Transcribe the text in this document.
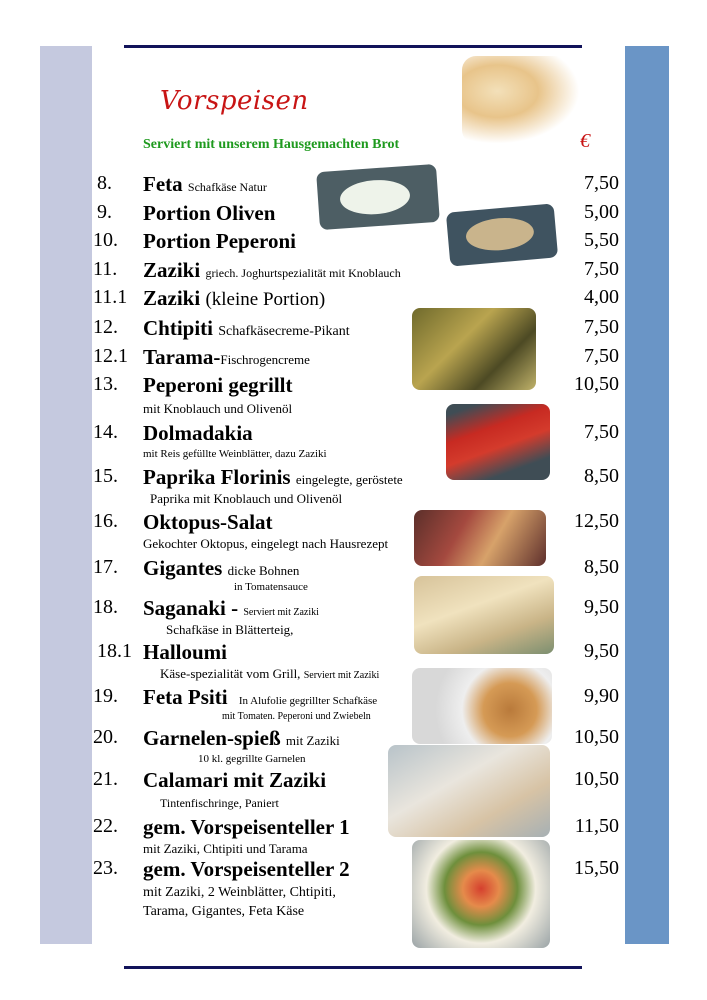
Vorspeisen
Serviert mit unserem Hausgemachten Brot	€
8. Feta Schafkäse Natur	7,50
9. Portion Oliven	5,00
10. Portion Peperoni	5,50
11. Zaziki griech. Joghurtspezialität mit Knoblauch	7,50
11.1 Zaziki (kleine Portion)	4,00
12. Chtipiti Schafkäsecreme-Pikant	7,50
12.1 Tarama-Fischrogencreme	7,50
13. Peperoni gegrillt	10,50
mit Knoblauch und Olivenöl
14. Dolmadakia	7,50
mit Reis gefüllte Weinblätter, dazu Zaziki
15. Paprika Florinis eingelegte, geröstete	8,50
Paprika mit Knoblauch und Olivenöl
16. Oktopus-Salat	12,50
Gekochter Oktopus, eingelegt nach Hausrezept
17. Gigantes dicke Bohnen	8,50
in Tomatensauce
18. Saganaki - Serviert mit Zaziki	9,50
Schafkäse in Blätterteig,
18.1 Halloumi	9,50
Käse-spezialität vom Grill, Serviert mit Zaziki
19. Feta Psiti In Alufolie gegrillter Schafkäse	9,90
mit Tomaten. Peperoni und Zwiebeln
20. Garnelen-spieß mit Zaziki	10,50
10 kl. gegrillte Garnelen
21. Calamari mit Zaziki	10,50
Tintenfischringe, Paniert
22. gem. Vorspeisenteller 1	11,50
mit Zaziki, Chtipiti und Tarama
23. gem. Vorspeisenteller 2	15,50
mit Zaziki, 2 Weinblätter, Chtipiti,
Tarama, Gigantes, Feta Käse
